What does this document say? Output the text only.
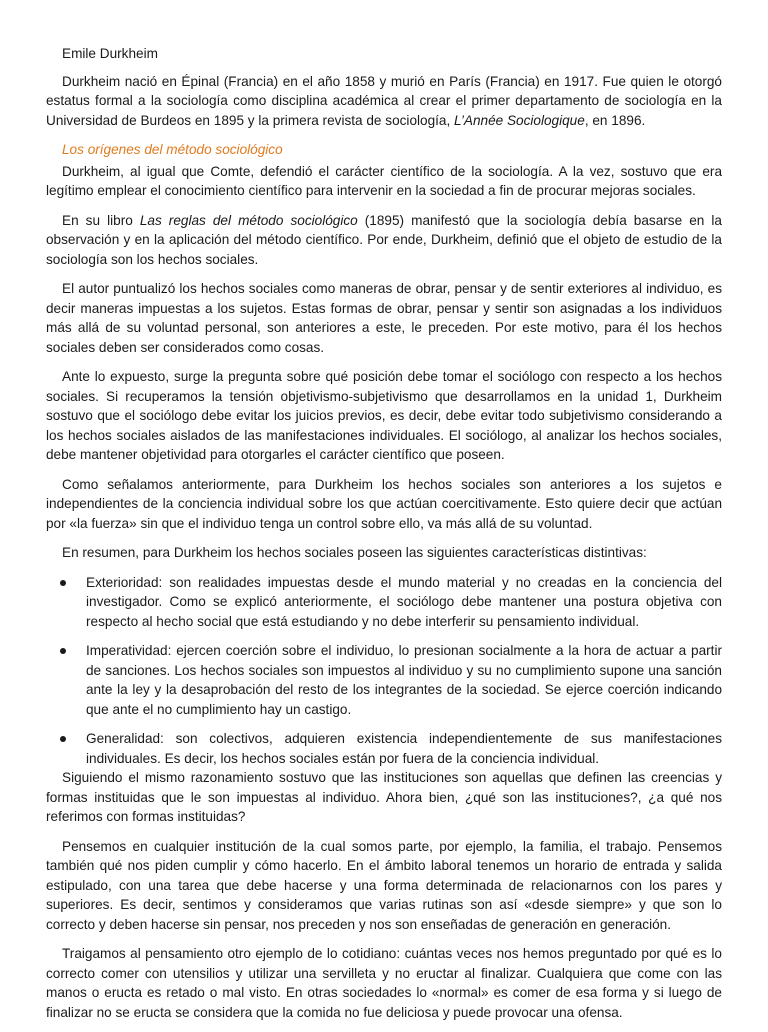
Emile Durkheim

Durkheim nació en Épinal (Francia) en el año 1858 y murió en París (Francia) en 1917. Fue quien le otorgó estatus formal a la sociología como disciplina académica al crear el primer departamento de sociología en la Universidad de Burdeos en 1895 y la primera revista de sociología, L’Année Sociologique, en 1896.

Los orígenes del método sociológico

Durkheim, al igual que Comte, defendió el carácter científico de la sociología. A la vez, sostuvo que era legítimo emplear el conocimiento científico para intervenir en la sociedad a fin de procurar mejoras sociales.

En su libro Las reglas del método sociológico (1895) manifestó que la sociología debía basarse en la observación y en la aplicación del método científico. Por ende, Durkheim, definió que el objeto de estudio de la sociología son los hechos sociales.

El autor puntualizó los hechos sociales como maneras de obrar, pensar y de sentir exteriores al individuo, es decir maneras impuestas a los sujetos. Estas formas de obrar, pensar y sentir son asignadas a los individuos más allá de su voluntad personal, son anteriores a este, le preceden. Por este motivo, para él los hechos sociales deben ser considerados como cosas.

Ante lo expuesto, surge la pregunta sobre qué posición debe tomar el sociólogo con respecto a los hechos sociales. Si recuperamos la tensión objetivismo-subjetivismo que desarrollamos en la unidad 1, Durkheim sostuvo que el sociólogo debe evitar los juicios previos, es decir, debe evitar todo subjetivismo considerando a los hechos sociales aislados de las manifestaciones individuales. El sociólogo, al analizar los hechos sociales, debe mantener objetividad para otorgarles el carácter científico que poseen.

Como señalamos anteriormente, para Durkheim los hechos sociales son anteriores a los sujetos e independientes de la conciencia individual sobre los que actúan coercitivamente. Esto quiere decir que actúan por «la fuerza» sin que el individuo tenga un control sobre ello, va más allá de su voluntad.

En resumen, para Durkheim los hechos sociales poseen las siguientes características distintivas:

Exterioridad: son realidades impuestas desde el mundo material y no creadas en la conciencia del investigador. Como se explicó anteriormente, el sociólogo debe mantener una postura objetiva con respecto al hecho social que está estudiando y no debe interferir su pensamiento individual.
Imperatividad: ejercen coerción sobre el individuo, lo presionan socialmente a la hora de actuar a partir de sanciones. Los hechos sociales son impuestos al individuo y su no cumplimiento supone una sanción ante la ley y la desaprobación del resto de los integrantes de la sociedad. Se ejerce coerción indicando que ante el no cumplimiento hay un castigo.
Generalidad: son colectivos, adquieren existencia independientemente de sus manifestaciones individuales. Es decir, los hechos sociales están por fuera de la conciencia individual.

Siguiendo el mismo razonamiento sostuvo que las instituciones son aquellas que definen las creencias y formas instituidas que le son impuestas al individuo. Ahora bien, ¿qué son las instituciones?, ¿a qué nos referimos con formas instituidas?

Pensemos en cualquier institución de la cual somos parte, por ejemplo, la familia, el trabajo. Pensemos también qué nos piden cumplir y cómo hacerlo. En el ámbito laboral tenemos un horario de entrada y salida estipulado, con una tarea que debe hacerse y una forma determinada de relacionarnos con los pares y superiores. Es decir, sentimos y consideramos que varias rutinas son así «desde siempre» y que son lo correcto y deben hacerse sin pensar, nos preceden y nos son enseñadas de generación en generación.

Traigamos al pensamiento otro ejemplo de lo cotidiano: cuántas veces nos hemos preguntado por qué es lo correcto comer con utensilios y utilizar una servilleta y no eructar al finalizar. Cualquiera que come con las manos o eructa es retado o mal visto. En otras sociedades lo «normal» es comer de esa forma y si luego de finalizar no se eructa se considera que la comida no fue deliciosa y puede provocar una ofensa.
